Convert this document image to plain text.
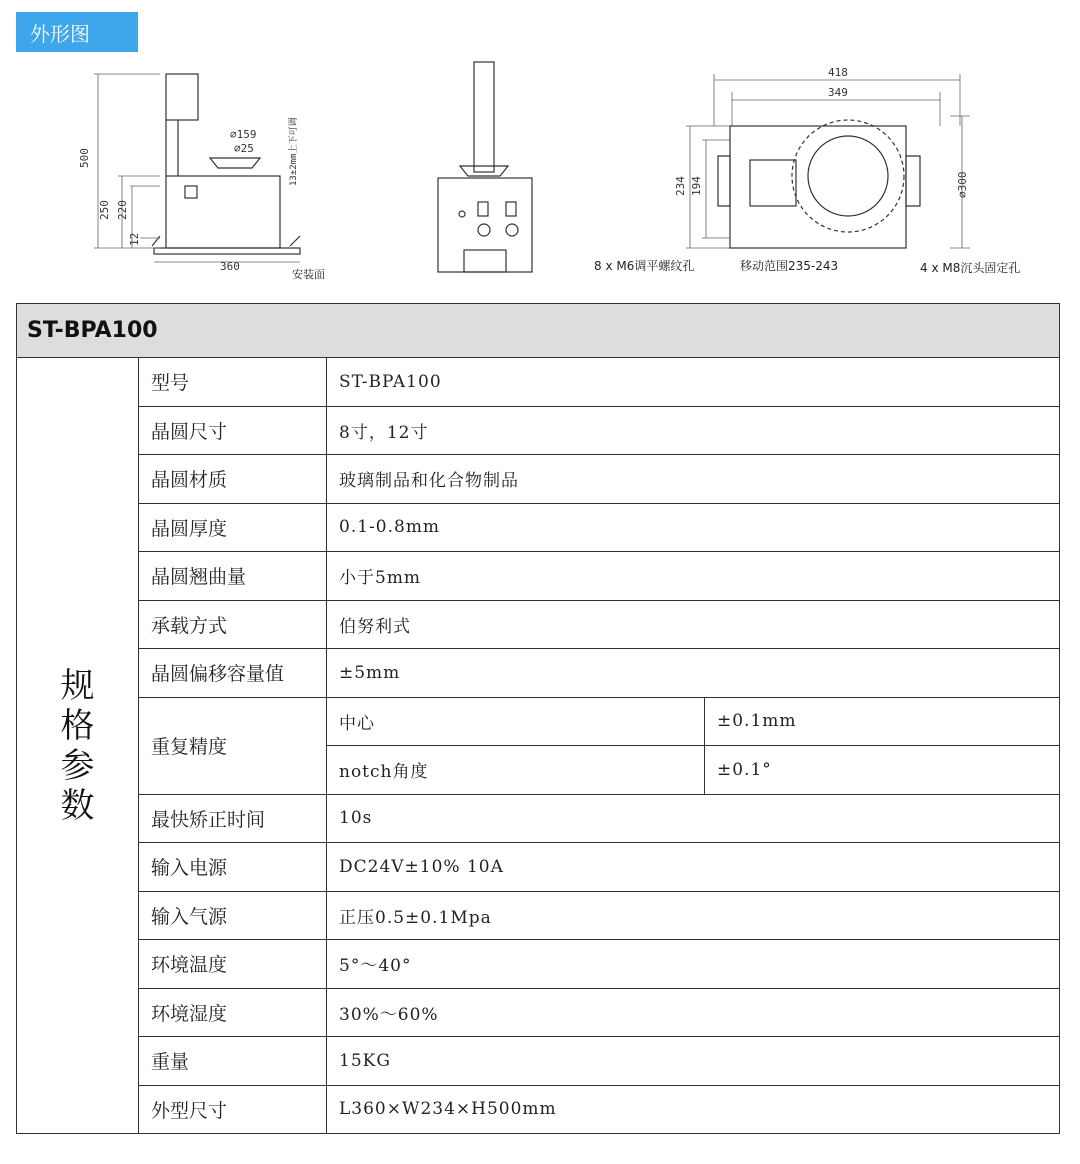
外形图
500
250 220
12
∅159
∅25	13±2mm上下可调
360
安装面
418
349
234 194	∅300
8 x M6调平螺纹孔	移动范围235-243	4 x M8沉头固定孔
ST-BPA100			
规格参数	型号	ST-BPA100	
	晶圆尺寸	8寸，12寸	
	晶圆材质	玻璃制品和化合物制品	
	晶圆厚度	0.1-0.8mm	
	晶圆翘曲量	小于5mm	
	承载方式	伯努利式	
	晶圆偏移容量值	±5mm	
	重复精度	中心	±0.1mm
		notch角度	±0.1°
	最快矫正时间	10s	
	输入电源	DC24V±10% 10A	
	输入气源	正压0.5±0.1Mpa	
	环境温度	5°～40°	
	环境湿度	30%～60%	
	重量	15KG	
	外型尺寸	L360×W234×H500mm	
